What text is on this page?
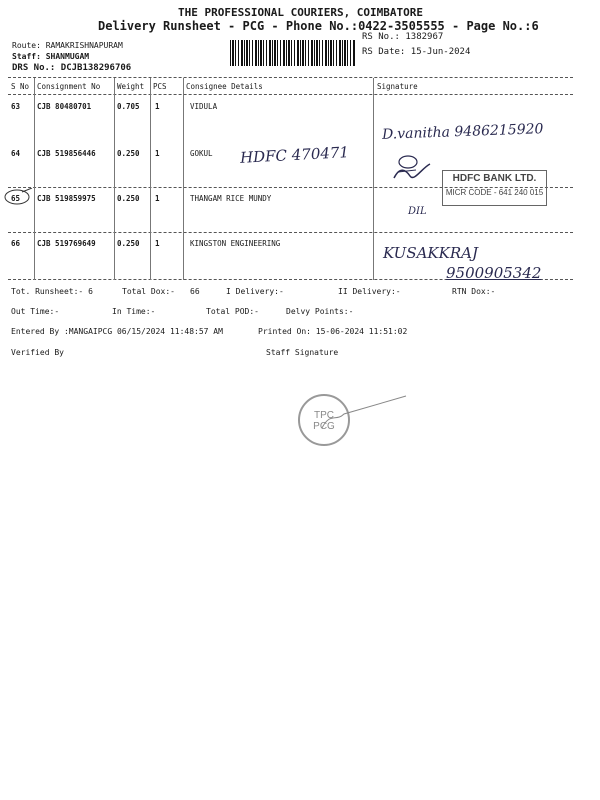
THE PROFESSIONAL COURIERS, COIMBATORE
Delivery Runsheet - PCG - Phone No.:0422-3505555 - Page No.:6
Route: RAMAKRISHNAPURAM
Staff: SHANMUGAM
DRS No.: DCJB138296706
RS No.: 1382967
RS Date: 15-Jun-2024
S No Consignment No Weight PCS	Consignee Details	Signature
63 CJB 80480701	0.705 1	VIDULA
D.vanitha 9486215920
64 CJB 519856446	0.250 1	GOKUL HDFC 470471
HDFC BANK LTD.
MICR CODE - 641 240 015
65 CJB 519859975	0.250 1	THANGAM RICE MUNDY
DIL
66 CJB 519769649	0.250 1	KINGSTON ENGINEERING
KUSAKKRAJ
9500905342
Tot. Runsheet:- 6	Total Dox:- 66	I Delivery:-	II Delivery:-	RTN Dox:-
Out Time:-	In Time:-	Total POD:-	Delvy Points:-
Entered By :MANGAIPCG 06/15/2024 11:48:57 AM	Printed On: 15-06-2024 11:51:02
Verified By	Staff Signature
TPC PCG
